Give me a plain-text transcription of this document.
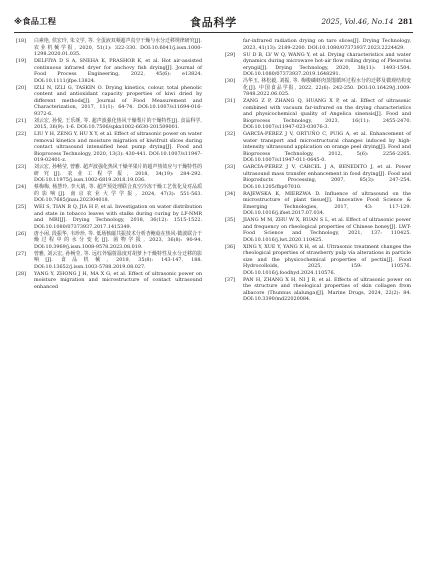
※食品工程	食品科学	2025, Vol.46, No.14 281
[18] 白素艳, 侯宏玲, 朱文学, 等. 全蛋液双频超声真空干燥与水分迁移规律研究[J]. 农业机械学报, 2020, 51(1): 322-330. DOI:10.6041/j.issn.1000-1298.2020.01.035.
[19] DELFIYA D S A, SNEHA K, PRASHOB K, et al. Hot air-assisted continuous infrared dryer for anchovy fish drying[J]. Journal of Food Process Engineering, 2022, 45(6): e13824. DOI:10.1111/jfpe.13824.
[20] IZLI N, IZLI G, TASKIN O. Drying kinetics, colour, total phenolic content and antioxidant capacity properties of kiwi dried by different methods[J]. Journal of Food Measurement and Characterization, 2017, 11(1): 64-74. DOI:10.1007/s11694-016-9372-6.
[21] 刘云宏, 孙悦, 王乐颜, 等. 超声波强化热风干燥梨片的干燥特性[J]. 食品科学, 2015, 36(9): 1-6. DOI:10.7506/spkx1002-6630-201509001.
[22] LIU Y H, ZENG Y, HU X Y, et al. Effect of ultrasonic power on water removal kinetics and moisture migration of kiwifruit slices during contact ultrasound intensified heat pump drying[J]. Food and Bioprocess Technology, 2020, 13(3): 430-441. DOI:10.1007/s11947-019-02401-z.
[23] 刘云宏, 孙畅莹, 曾雅. 超声波强化热风干燥苹果片的超声热效应与干燥特性的研究[J]. 农业工程学报, 2018, 34(19): 284-292. DOI:10.11975/j.issn.1002-6819.2018.19.036.
[24] 蔡梅梅, 杨慧玲, 李大婧, 等. 超声预处理联合真空冷冻干燥工艺优化及对品质的影响[J]. 南京农业大学学报, 2024, 47(3): 551-563. DOI:10.7685/jnau.202304018.
[25] WEI S, TIAN B Q, JIA H F, et al. Investigation on water distribution and state in tobacco leaves with stalks during curing by LF-NMR and MRI[J]. Drying Technology, 2018, 36(12): 1515-1522. DOI:10.1080/07373937.2017.1415349.
[26] 唐小闲, 段振华, 韦珍珍, 等. 低场核磁共振技术分析杏鲍菇在热风-微波联合干燥过程中的水分变化[J]. 菌物学报, 2023, 36(8): 90-94. DOI:10.3969/j.issn.1008-9578.2023.08.019.
[27] 曾雅, 刘云宏, 孙畅莹, 等. 远红外辐射温度对胡萝卜干燥特性及水分迁移的影响[J]. 食品机械, 2019, 35(8): 143-147, 188. DOI:10.13652/j.issn.1003-5788.2019.08.027.
[28] YANG Y, ZHONG J H, MA X G, et al. Effect of ultrasonic power on moisture migration and microstructure of contact ultrasound enhanced
far-infrared radiation drying on taro slices[J]. Drying Technology, 2023, 41(13): 2189-2200. DOI:10.1080/07373937.2023.2224429.
[29] SU D B, LV W Q, WANG Y, et al. Drying characteristics and water dynamics during microwave hot-air flow rolling drying of Pleurotus eryngii[J]. Drying Technology, 2020, 38(11): 1493-1504. DOI:10.1080/07373937.2019.1648291.
[30] 冯华玉, 林松毅, 刘振, 等. 梅梭磷虾肉蒸馏循环过程水分的迁移及微观结构变化[J]. 中国食品学报, 2022, 22(6): 242-250. DOI:10.16429/j.1009-7848.2022.06.025.
[31] ZANG Z P, ZHANG Q, HUANG X P, et al. Effect of ultrasonic combined with vacuum far-infrared on the drying characteristics and physicochemical quality of Angelica sinensis[J]. Food and Bioprocess Technology, 2023, 16(11): 2455-2470. DOI:10.1007/s11947-023-03076-3.
[32] GARCÍA-PÉREZ J V, ORTUÑO C, PUIG A, et al. Enhancement of water transport and microstructural changes induced by high-intensity ultrasound application on orange peel drying[J]. Food and Bioprocess Technology, 2012, 5(6): 2256-2265. DOI:10.1007/s11947-011-0645-0.
[33] GARCÍA-PÉREZ J V, CÁRCEL J A, BENEDITO J, et al. Power ultrasound mass transfer enhancement in food drying[J]. Food and Bioproducts Processing, 2007, 85(3): 247-254. DOI:10.1205/fbp07010.
[34] RAJEWSKA K, MIERZWA D. Influence of ultrasound on the microstructure of plant tissue[J]. Innovative Food Science & Emerging Technologies, 2017, 43: 117-129. DOI:10.1016/j.ifset.2017.07.034.
[35] JIANG M M, ZHU W X, RUAN S L, et al. Effect of ultrasonic power and frequency on rheological properties of Chinese honey[J]. LWT-Food Science and Technology, 2021, 137: 110425. DOI:10.1016/j.lwt.2020.110425.
[36] XING Y, XUE Y, YANG X H, et al. Ultrasonic treatment changes the rheological properties of strawberry pulp via alterations in particle size and the physicochemical properties of pectin[J]. Food Hydrocolloids, 2025, 159: 110576. DOI:10.1016/j.foodhyd.2024.110576.
[37] PAN H, ZHANG X H, NI J B, et al. Effects of ultrasonic power on the structure and rheological properties of skin collagen from albacore (Thunnus alalunga)[J]. Marine Drugs, 2024, 22(2): 84. DOI:10.3390/md22020084.
